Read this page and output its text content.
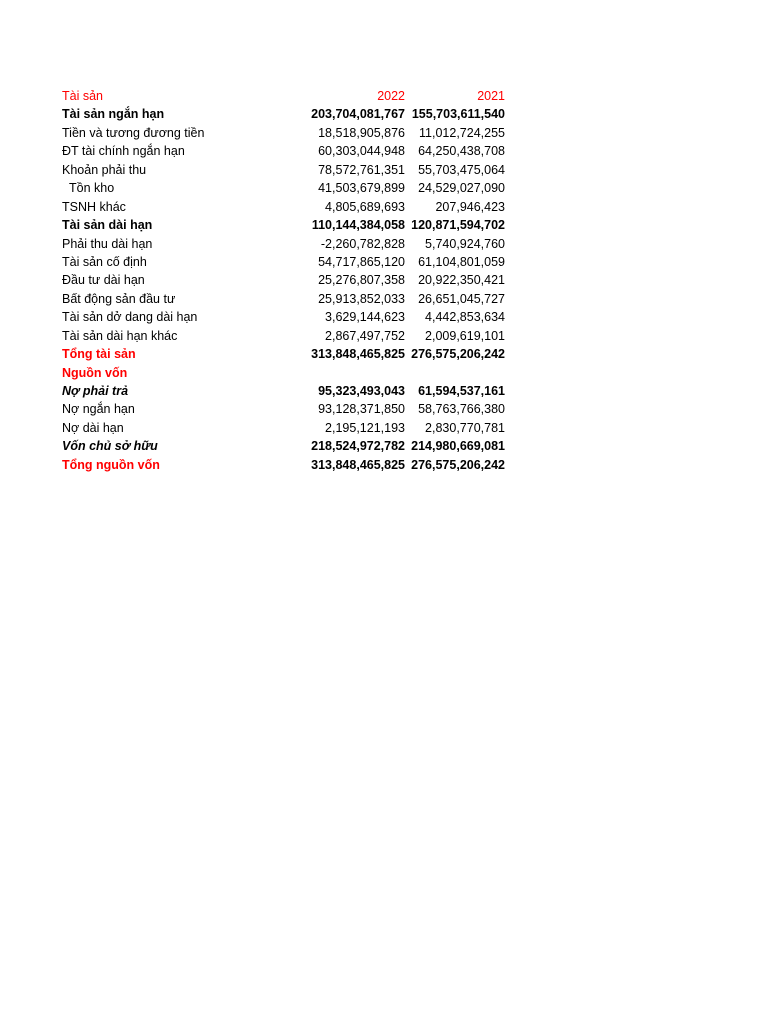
Tài sản	2022	2021
Tài sản ngắn hạn	203,704,081,767 155,703,611,540
Tiền và tương đương tiền	18,518,905,876	11,012,724,255
ĐT tài chính ngắn hạn	60,303,044,948	64,250,438,708
Khoản phải thu	78,572,761,351	55,703,475,064
Tồn kho	41,503,679,899	24,529,027,090
TSNH khác	4,805,689,693	207,946,423
Tài sản dài hạn	110,144,384,058 120,871,594,702
Phải thu dài hạn	-2,260,782,828	5,740,924,760
Tài sản cố định	54,717,865,120	61,104,801,059
Đầu tư dài hạn	25,276,807,358	20,922,350,421
Bất động sản đầu tư	25,913,852,033	26,651,045,727
Tài sản dở dang dài hạn	3,629,144,623	4,442,853,634
Tài sản dài hạn khác	2,867,497,752	2,009,619,101
Tổng tài sản	313,848,465,825 276,575,206,242
Nguồn vốn
Nợ phải trả	95,323,493,043	61,594,537,161
Nợ ngắn hạn	93,128,371,850	58,763,766,380
Nợ dài hạn	2,195,121,193	2,830,770,781
Vốn chủ sở hữu	218,524,972,782 214,980,669,081
Tổng nguồn vốn	313,848,465,825 276,575,206,242
